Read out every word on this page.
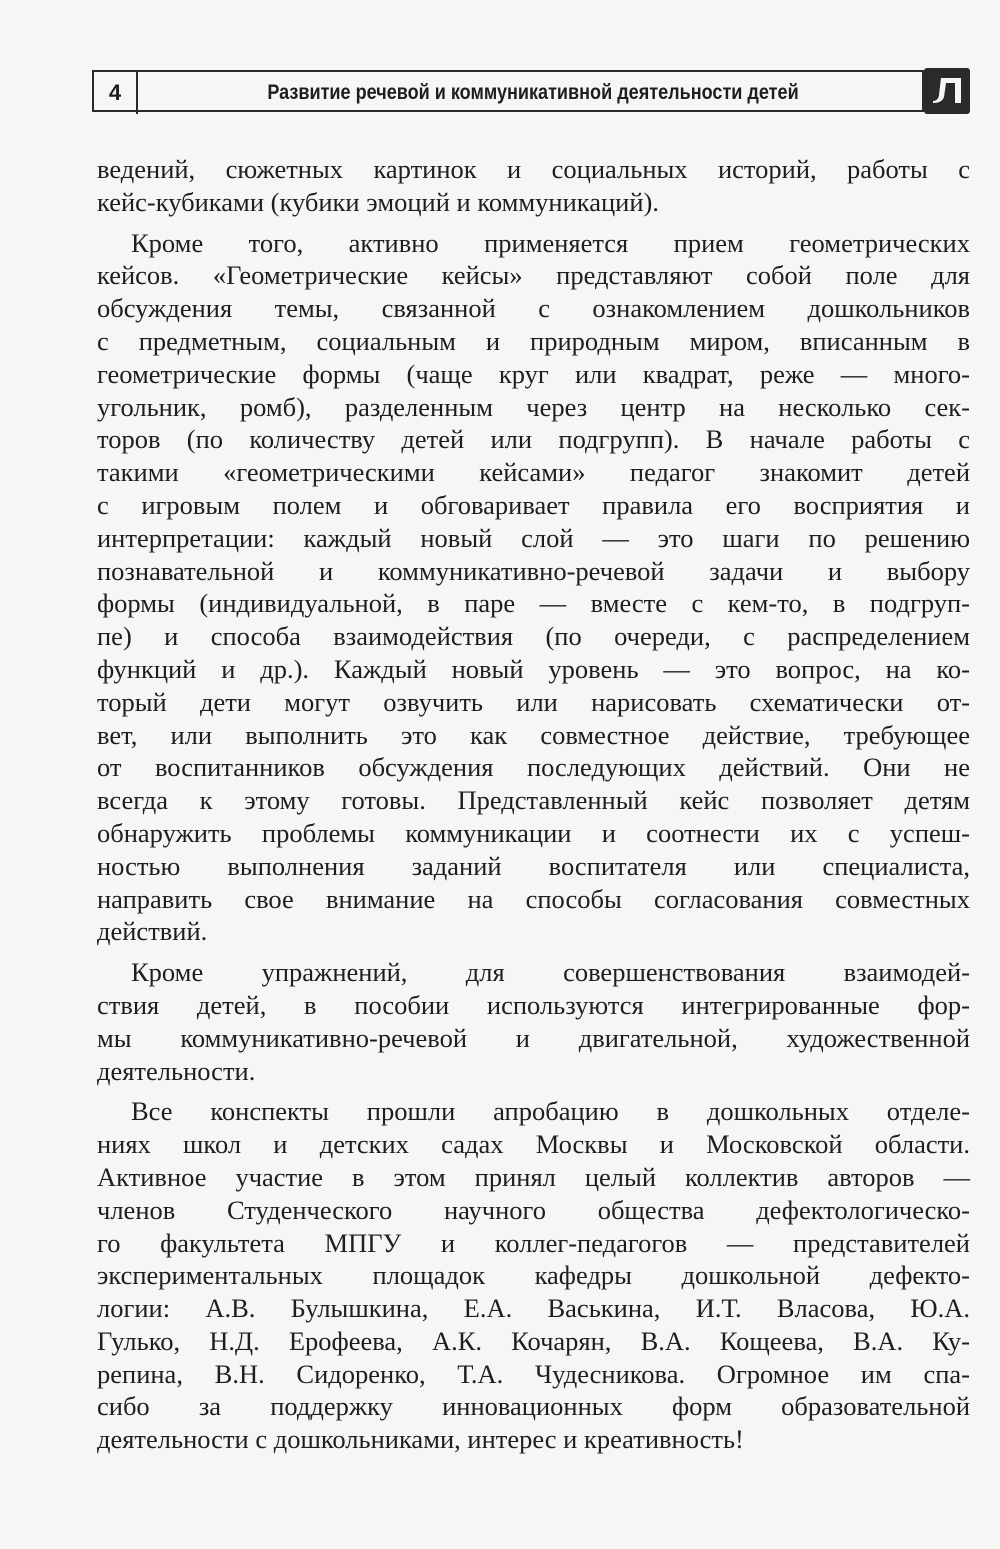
4	Развитие речевой и коммуникативной деятельности детей

ведений, сюжетных картинок и социальных историй, работы с
кейс-кубиками (кубики эмоций и коммуникаций).

Кроме того, активно применяется прием геометрических
кейсов. «Геометрические кейсы» представляют собой поле для
обсуждения темы, связанной с ознакомлением дошкольников
с предметным, социальным и природным миром, вписанным в
геометрические формы (чаще круг или квадрат, реже — много-
угольник, ромб), разделенным через центр на несколько сек-
торов (по количеству детей или подгрупп). В начале работы с
такими «геометрическими кейсами» педагог знакомит детей
с игровым полем и обговаривает правила его восприятия и
интерпретации: каждый новый слой — это шаги по решению
познавательной и коммуникативно-речевой задачи и выбору
формы (индивидуальной, в паре — вместе с кем-то, в подгруп-
пе) и способа взаимодействия (по очереди, с распределением
функций и др.). Каждый новый уровень — это вопрос, на ко-
торый дети могут озвучить или нарисовать схематически от-
вет, или выполнить это как совместное действие, требующее
от воспитанников обсуждения последующих действий. Они не
всегда к этому готовы. Представленный кейс позволяет детям
обнаружить проблемы коммуникации и соотнести их с успеш-
ностью выполнения заданий воспитателя или специалиста,
направить свое внимание на способы согласования совместных
действий.

Кроме упражнений, для совершенствования взаимодей-
ствия детей, в пособии используются интегрированные фор-
мы коммуникативно-речевой и двигательной, художественной
деятельности.

Все конспекты прошли апробацию в дошкольных отделе-
ниях школ и детских садах Москвы и Московской области.
Активное участие в этом принял целый коллектив авторов —
членов Студенческого научного общества дефектологическо-
го факультета МПГУ и коллег-педагогов — представителей
экспериментальных площадок кафедры дошкольной дефекто-
логии: А.В. Булышкина, Е.А. Васькина, И.Т. Власова, Ю.А.
Гулько, Н.Д. Ерофеева, А.К. Кочарян, В.А. Кощеева, В.А. Ку-
репина, В.Н. Сидоренко, Т.А. Чудесникова. Огромное им спа-
сибо за поддержку инновационных форм образовательной
деятельности с дошкольниками, интерес и креативность!
